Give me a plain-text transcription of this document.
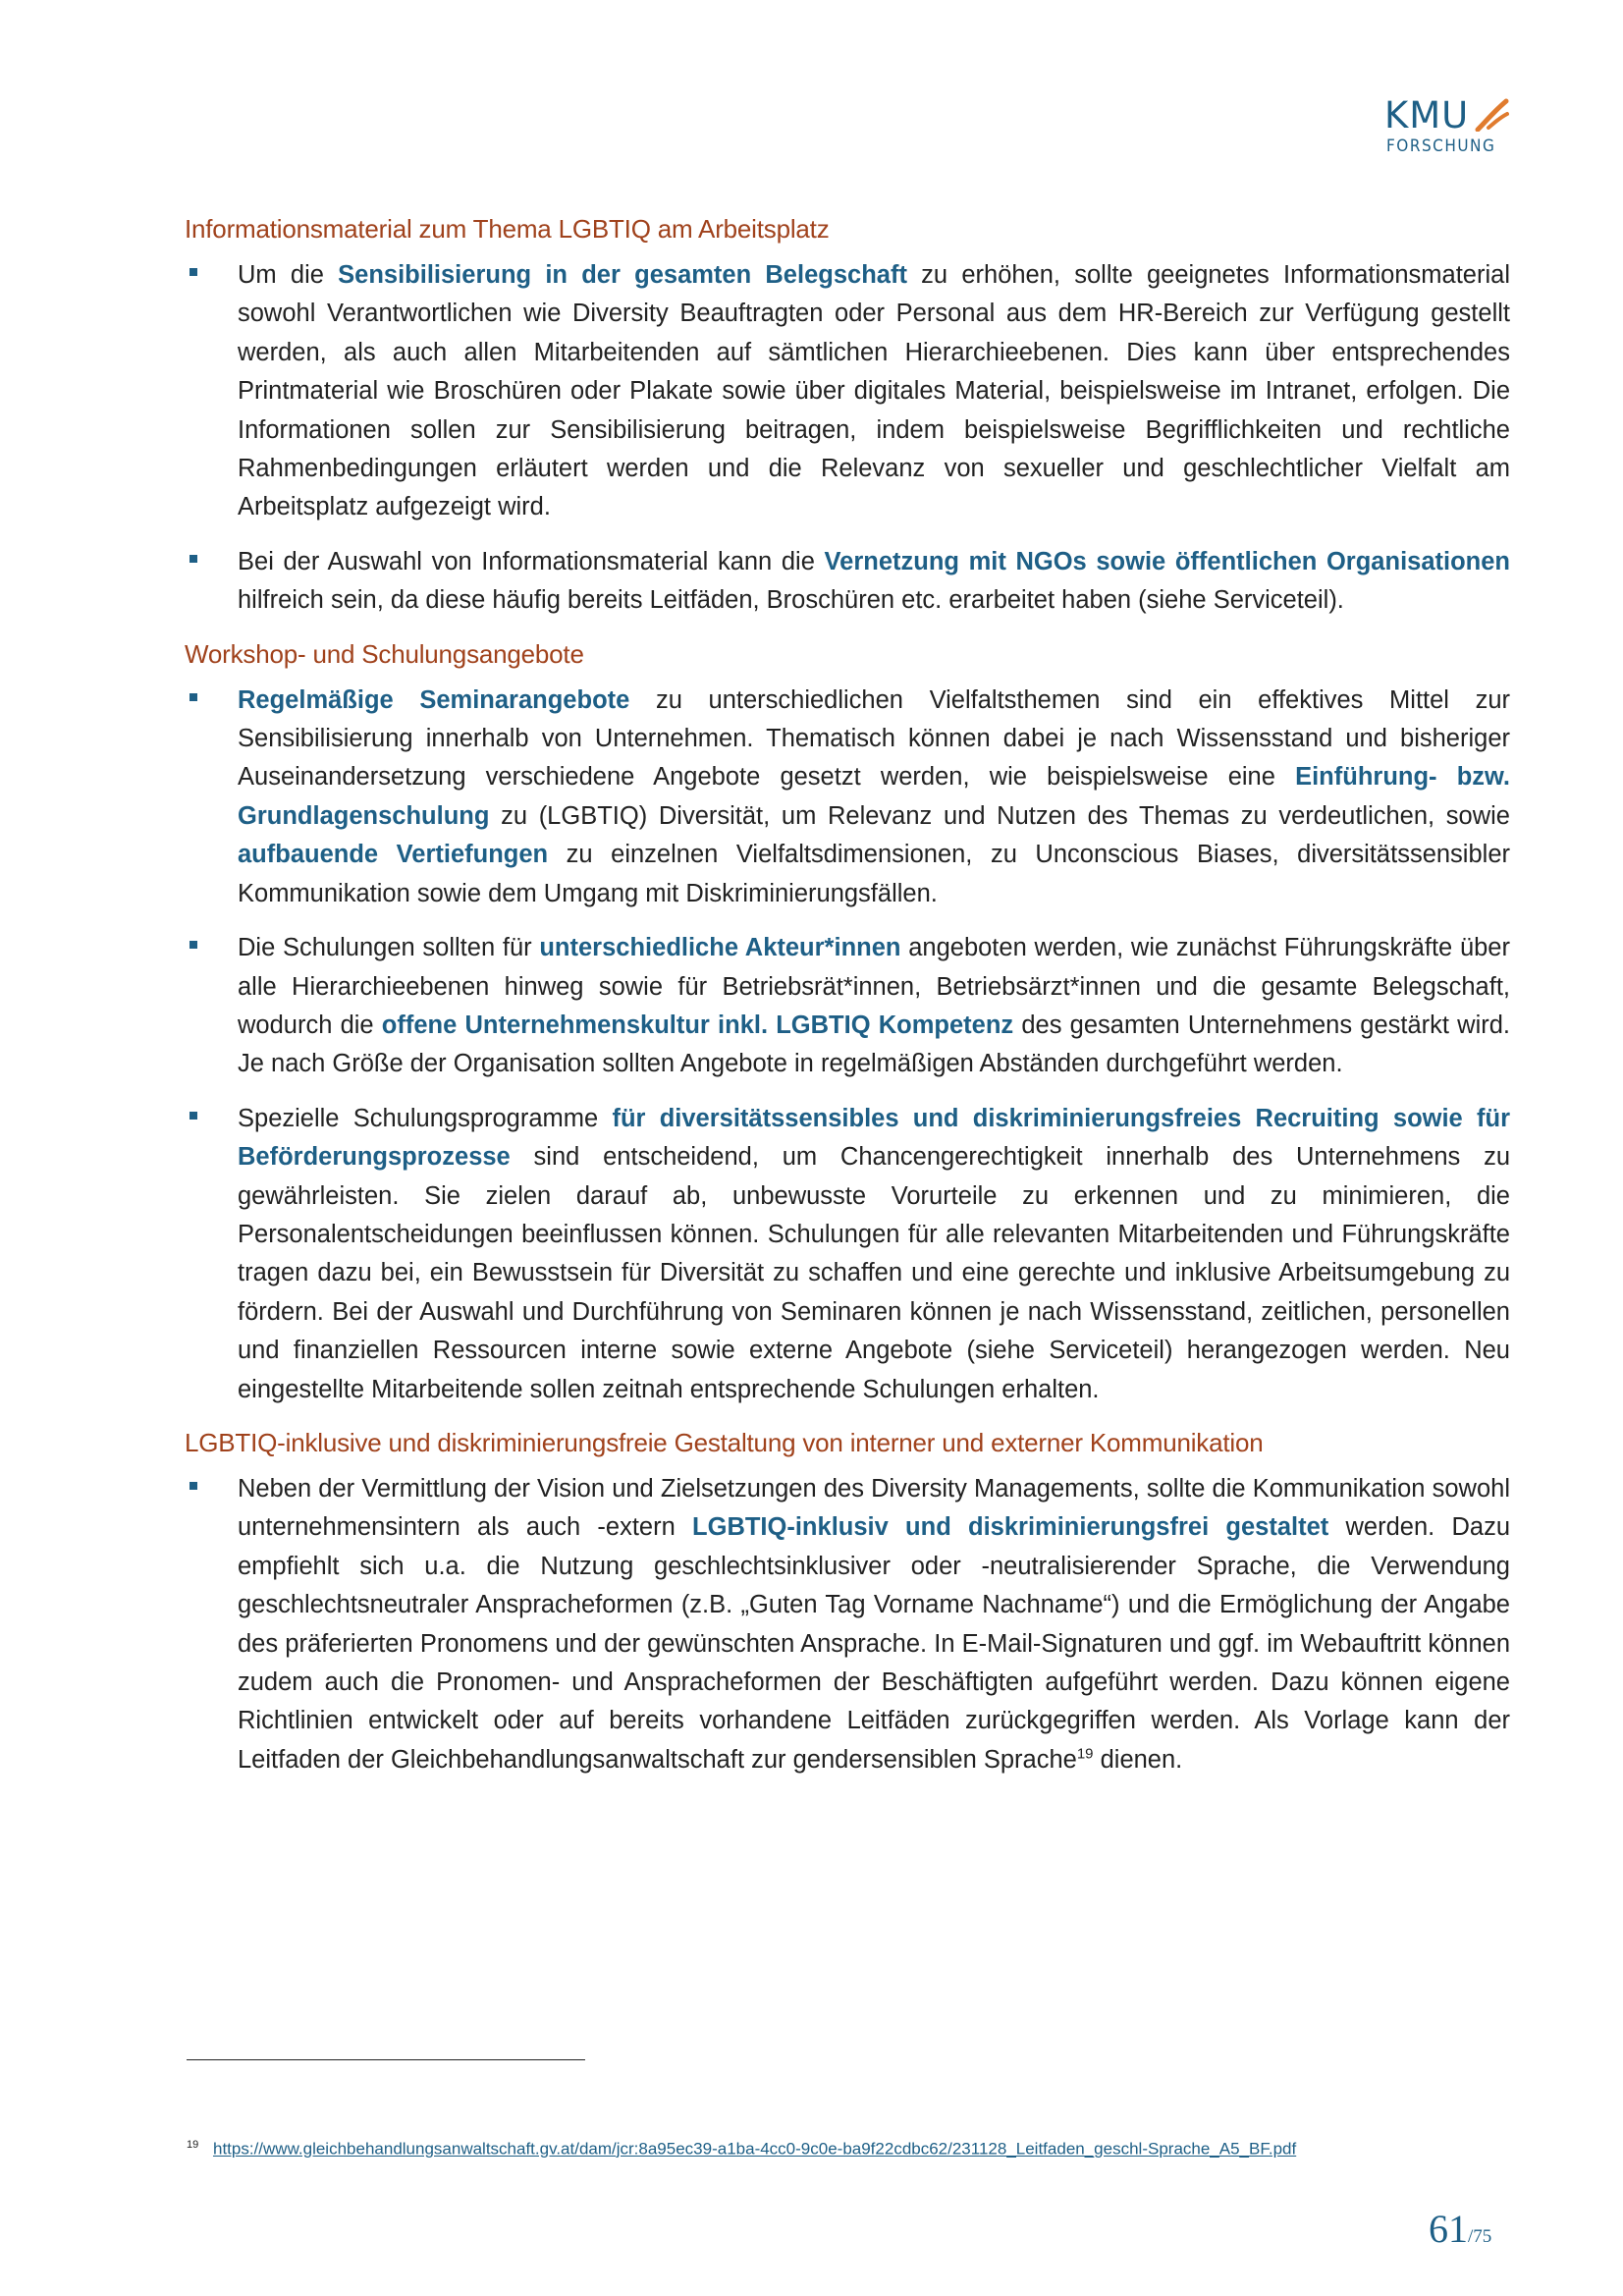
KMU
FORSCHUNG
Informationsmaterial zum Thema LGBTIQ am Arbeitsplatz

Um die Sensibilisierung in der gesamten Belegschaft zu erhöhen, sollte geeignetes Informationsmaterial sowohl Verantwortlichen wie Diversity Beauftragten oder Personal aus dem HR-Bereich zur Verfügung gestellt werden, als auch allen Mitarbeitenden auf sämtlichen Hierarchieebenen. Dies kann über entsprechendes Printmaterial wie Broschüren oder Plakate sowie über digitales Material, beispielsweise im Intranet, erfolgen. Die Informationen sollen zur Sensibilisierung beitragen, indem beispielsweise Begrifflichkeiten und rechtliche Rahmenbedingungen erläutert werden und die Relevanz von sexueller und geschlechtlicher Vielfalt am Arbeitsplatz aufgezeigt wird.

Bei der Auswahl von Informationsmaterial kann die Vernetzung mit NGOs sowie öffentlichen Organisationen hilfreich sein, da diese häufig bereits Leitfäden, Broschüren etc. erarbeitet haben (siehe Serviceteil).

Workshop- und Schulungsangebote

Regelmäßige Seminarangebote zu unterschiedlichen Vielfaltsthemen sind ein effektives Mittel zur Sensibilisierung innerhalb von Unternehmen. Thematisch können dabei je nach Wissensstand und bisheriger Auseinandersetzung verschiedene Angebote gesetzt werden, wie beispielsweise eine Einführung- bzw. Grundlagenschulung zu (LGBTIQ) Diversität, um Relevanz und Nutzen des Themas zu verdeutlichen, sowie aufbauende Vertiefungen zu einzelnen Vielfaltsdimensionen, zu Unconscious Biases, diversitätssensibler Kommunikation sowie dem Umgang mit Diskriminierungsfällen.

Die Schulungen sollten für unterschiedliche Akteur*innen angeboten werden, wie zunächst Führungskräfte über alle Hierarchieebenen hinweg sowie für Betriebsrät*innen, Betriebsärzt*innen und die gesamte Belegschaft, wodurch die offene Unternehmenskultur inkl. LGBTIQ Kompetenz des gesamten Unternehmens gestärkt wird. Je nach Größe der Organisation sollten Angebote in regelmäßigen Abständen durchgeführt werden.

Spezielle Schulungsprogramme für diversitätssensibles und diskriminierungsfreies Recruiting sowie für Beförderungsprozesse sind entscheidend, um Chancengerechtigkeit innerhalb des Unternehmens zu gewährleisten. Sie zielen darauf ab, unbewusste Vorurteile zu erkennen und zu minimieren, die Personalentscheidungen beeinflussen können. Schulungen für alle relevanten Mitarbeitenden und Führungskräfte tragen dazu bei, ein Bewusstsein für Diversität zu schaffen und eine gerechte und inklusive Arbeitsumgebung zu fördern. Bei der Auswahl und Durchführung von Seminaren können je nach Wissensstand, zeitlichen, personellen und finanziellen Ressourcen interne sowie externe Angebote (siehe Serviceteil) herangezogen werden. Neu eingestellte Mitarbeitende sollen zeitnah entsprechende Schulungen erhalten.

LGBTIQ-inklusive und diskriminierungsfreie Gestaltung von interner und externer Kommunikation

Neben der Vermittlung der Vision und Zielsetzungen des Diversity Managements, sollte die Kommunikation sowohl unternehmensintern als auch -extern LGBTIQ-inklusiv und diskriminierungsfrei gestaltet werden. Dazu empfiehlt sich u.a. die Nutzung geschlechtsinklusiver oder -neutralisierender Sprache, die Verwendung geschlechtsneutraler Anspracheformen (z.B. „Guten Tag Vorname Nachname“) und die Ermöglichung der Angabe des präferierten Pronomens und der gewünschten Ansprache. In E-Mail-Signaturen und ggf. im Webauftritt können zudem auch die Pronomen- und Anspracheformen der Beschäftigten aufgeführt werden. Dazu können eigene Richtlinien entwickelt oder auf bereits vorhandene Leitfäden zurückgegriffen werden. Als Vorlage kann der Leitfaden der Gleichbehandlungsanwaltschaft zur gendersensiblen Sprache$^{19}$ dienen.

$^{19}$ https://www.gleichbehandlungsanwaltschaft.gv.at/dam/jcr:8a95ec39-a1ba-4cc0-9c0e-ba9f22cdbc62/231128_Leitfaden_geschl-Sprache_A5_BF.pdf
61/75
